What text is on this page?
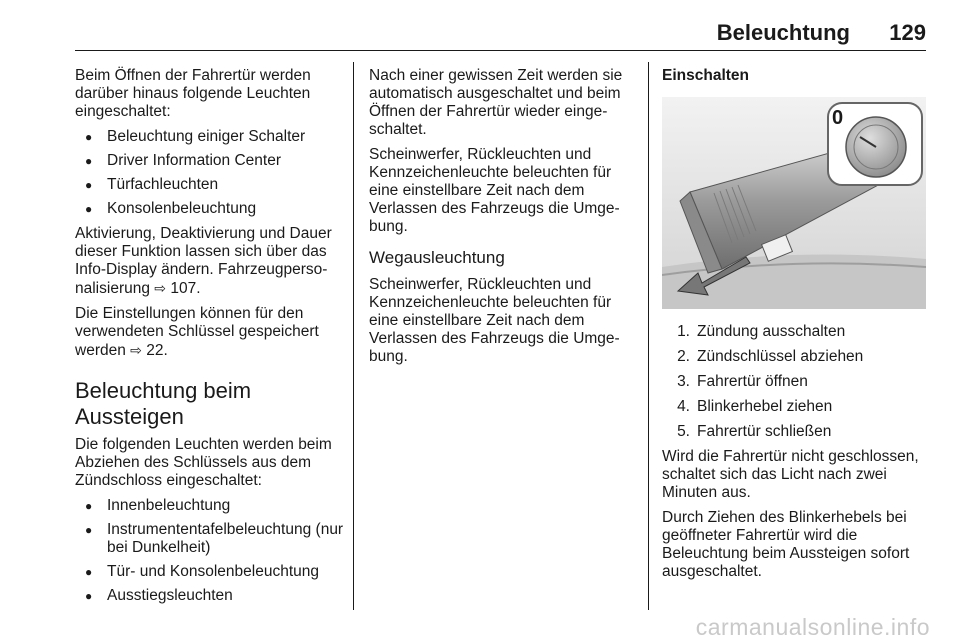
Beleuchtung	129

Beim Öffnen der Fahrertür werden darüber hinaus folgende Leuchten eingeschaltet:

● Beleuchtung einiger Schalter
● Driver Information Center
● Türfachleuchten
● Konsolenbeleuchtung

Aktivierung, Deaktivierung und Dauer dieser Funktion lassen sich über das Info-Display ändern. Fahrzeugperso-nalisierung ⇨ 107.

Die Einstellungen können für den verwendeten Schlüssel gespeichert werden ⇨ 22.

Beleuchtung beim Aussteigen

Die folgenden Leuchten werden beim Abziehen des Schlüssels aus dem Zündschloss eingeschaltet:

● Innenbeleuchtung
● Instrumententafelbeleuchtung (nur bei Dunkelheit)
● Tür- und Konsolenbeleuchtung
● Ausstiegsleuchten

Nach einer gewissen Zeit werden sie automatisch ausgeschaltet und beim Öffnen der Fahrertür wieder einge-schaltet.

Scheinwerfer, Rückleuchten und Kennzeichenleuchte beleuchten für eine einstellbare Zeit nach dem Verlassen des Fahrzeugs die Umge-bung.

Wegausleuchtung

Scheinwerfer, Rückleuchten und Kennzeichenleuchte beleuchten für eine einstellbare Zeit nach dem Verlassen des Fahrzeugs die Umge-bung.

Einschalten
0
1. Zündung ausschalten
2. Zündschlüssel abziehen
3. Fahrertür öffnen
4. Blinkerhebel ziehen
5. Fahrertür schließen

Wird die Fahrertür nicht geschlossen, schaltet sich das Licht nach zwei Minuten aus.

Durch Ziehen des Blinkerhebels bei geöffneter Fahrertür wird die Beleuchtung beim Aussteigen sofort ausgeschaltet.

carmanualsonline.info
